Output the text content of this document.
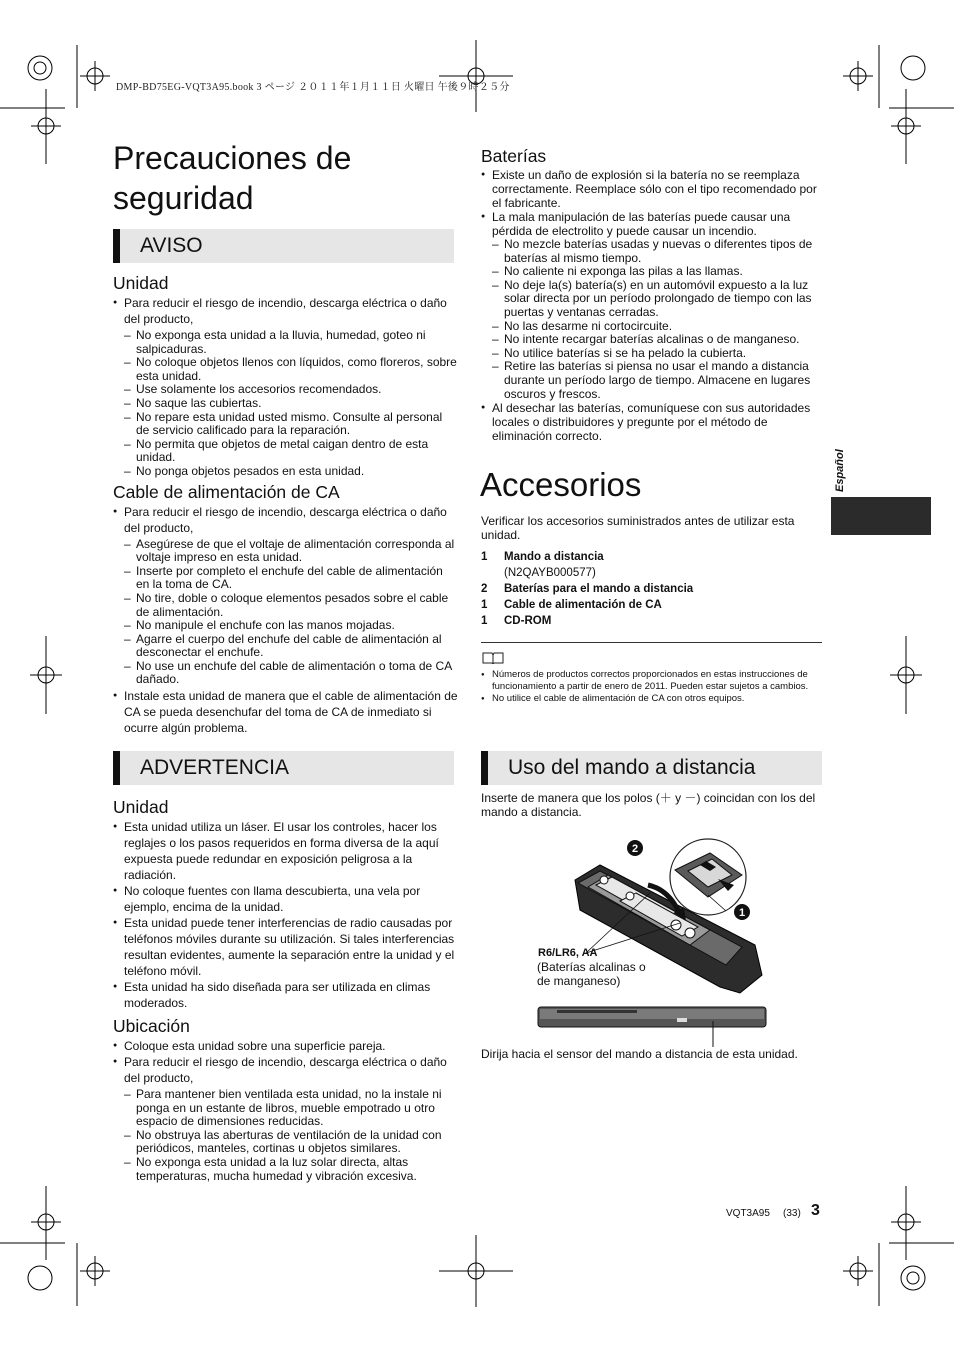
DMP-BD75EG-VQT3A95.book 3 ページ ２０１１年１月１１日 火曜日 午後９時２５分
Precauciones de
seguridad
AVISO
Unidad
● Para reducir el riesgo de incendio, descarga eléctrica o daño del producto,
– No exponga esta unidad a la lluvia, humedad, goteo ni salpicaduras.
– No coloque objetos llenos con líquidos, como floreros, sobre esta unidad.
– Use solamente los accesorios recomendados.
– No saque las cubiertas.
– No repare esta unidad usted mismo. Consulte al personal de servicio calificado para la reparación.
– No permita que objetos de metal caigan dentro de esta unidad.
– No ponga objetos pesados en esta unidad.
Cable de alimentación de CA
● Para reducir el riesgo de incendio, descarga eléctrica o daño del producto,
– Asegúrese de que el voltaje de alimentación corresponda al voltaje impreso en esta unidad.
– Inserte por completo el enchufe del cable de alimentación en la toma de CA.
– No tire, doble o coloque elementos pesados sobre el cable de alimentación.
– No manipule el enchufe con las manos mojadas.
– Agarre el cuerpo del enchufe del cable de alimentación al desconectar el enchufe.
– No use un enchufe del cable de alimentación o toma de CA dañado.
● Instale esta unidad de manera que el cable de alimentación de CA se pueda desenchufar del toma de CA de inmediato si ocurre algún problema.
ADVERTENCIA
Unidad
● Esta unidad utiliza un láser. El usar los controles, hacer los reglajes o los pasos requeridos en forma diversa de la aquí expuesta puede redundar en exposición peligrosa a la radiación.
● No coloque fuentes con llama descubierta, una vela por ejemplo, encima de la unidad.
● Esta unidad puede tener interferencias de radio causadas por teléfonos móviles durante su utilización. Si tales interferencias resultan evidentes, aumente la separación entre la unidad y el teléfono móvil.
● Esta unidad ha sido diseñada para ser utilizada en climas moderados.
Ubicación
● Coloque esta unidad sobre una superficie pareja.
● Para reducir el riesgo de incendio, descarga eléctrica o daño del producto,
– Para mantener bien ventilada esta unidad, no la instale ni ponga en un estante de libros, mueble empotrado u otro espacio de dimensiones reducidas.
– No obstruya las aberturas de ventilación de la unidad con periódicos, manteles, cortinas u objetos similares.
– No exponga esta unidad a la luz solar directa, altas temperaturas, mucha humedad y vibración excesiva.
Baterías
● Existe un daño de explosión si la batería no se reemplaza correctamente. Reemplace sólo con el tipo recomendado por el fabricante.
● La mala manipulación de las baterías puede causar una pérdida de electrolito y puede causar un incendio.
– No mezcle baterías usadas y nuevas o diferentes tipos de baterías al mismo tiempo.
– No caliente ni exponga las pilas a las llamas.
– No deje la(s) batería(s) en un automóvil expuesto a la luz solar directa por un período prolongado de tiempo con las puertas y ventanas cerradas.
– No las desarme ni cortocircuite.
– No intente recargar baterías alcalinas o de manganeso.
– No utilice baterías si se ha pelado la cubierta.
– Retire las baterías si piensa no usar el mando a distancia durante un período largo de tiempo. Almacene en lugares oscuros y frescos.
● Al desechar las baterías, comuníquese con sus autoridades locales o distribuidores y pregunte por el método de eliminación correcto.
Accesorios

Verificar los accesorios suministrados antes de utilizar esta unidad.

1	Mando a distancia
(N2QAYB000577)
2	Baterías para el mando a distancia
1	Cable de alimentación de CA
1	CD-ROM
● Números de productos correctos proporcionados en estas instrucciones de funcionamiento a partir de enero de 2011. Pueden estar sujetos a cambios.
● No utilice el cable de alimentación de CA con otros equipos.
Uso del mando a distancia

Inserte de manera que los polos (＋ y －) coincidan con los del mando a distancia.

2
1
R6/LR6, AA
(Baterías alcalinas o
de manganeso)
Dirija hacia el sensor del mando a distancia de esta unidad.
Español
VQT3A95 (33) 3
